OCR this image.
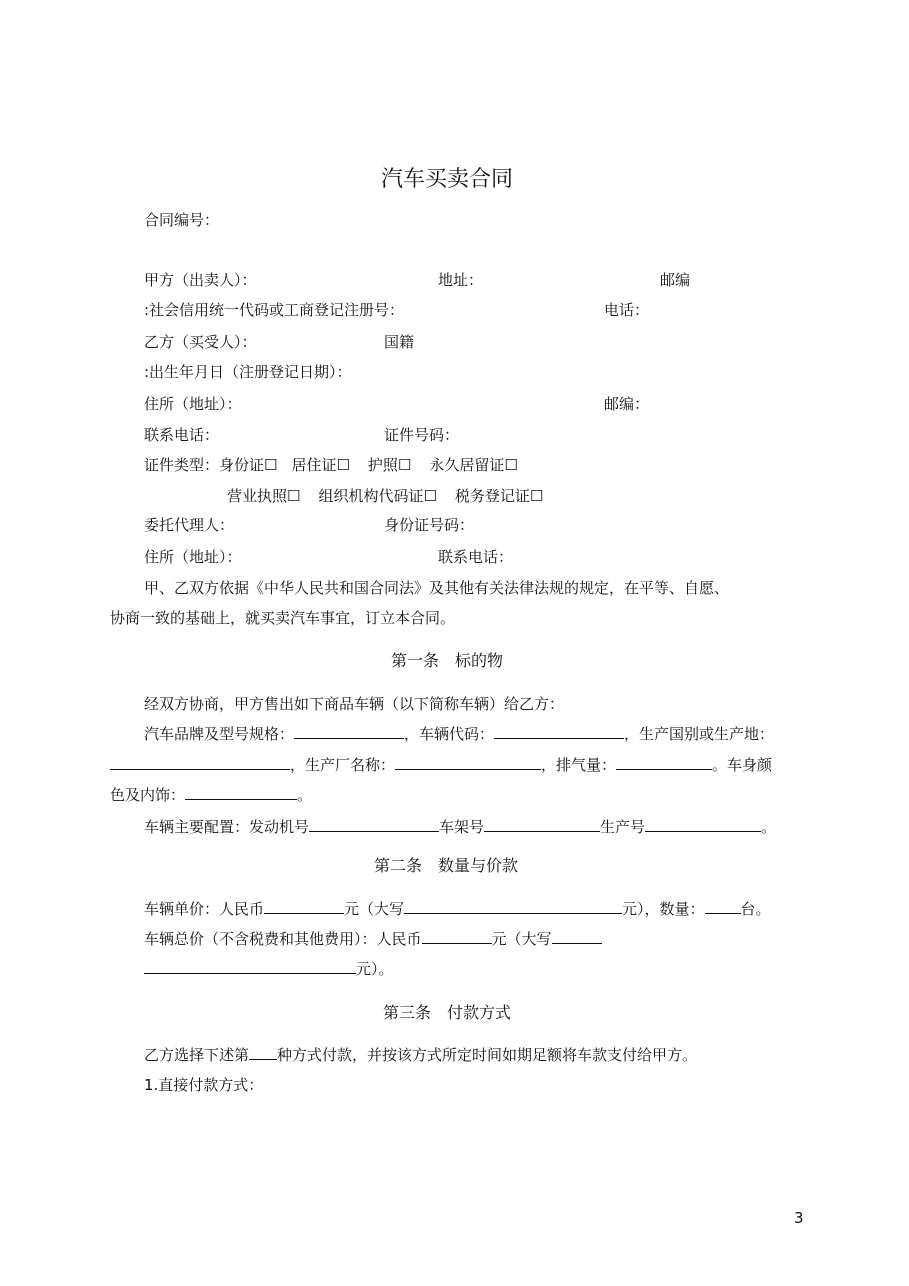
汽车买卖合同
合同编号：
甲方（出卖人）：	地址：	邮编
:社会信用统一代码或工商登记注册号：	电话：
乙方（买受人）：	国籍
:出生年月日（注册登记日期）：
住所（地址）：	邮编：
联系电话：	证件号码：
证件类型：身份证☐ 居住证☐ 护照☐ 永久居留证☐
营业执照☐ 组织机构代码证☐ 税务登记证☐
委托代理人：	身份证号码：
住所（地址）：	联系电话：
甲、乙双方依据《中华人民共和国合同法》及其他有关法律法规的规定，在平等、自愿、
协商一致的基础上，就买卖汽车事宜，订立本合同。
第一条　标的物
经双方协商，甲方售出如下商品车辆（以下简称车辆）给乙方：
汽车品牌及型号规格：	，车辆代码：	，生产国别或生产地：
，生产厂名称：	，排气量：	。车身颜
色及内饰：	。
车辆主要配置：发动机号	车架号	生产号	。
第二条　数量与价款
车辆单价：人民币	元（大写	元），数量： 台。
车辆总价（不含税费和其他费用）：人民币	元（大写
元）。
第三条　付款方式
乙方选择下述第 种方式付款，并按该方式所定时间如期足额将车款支付给甲方。
1.直接付款方式：
3
